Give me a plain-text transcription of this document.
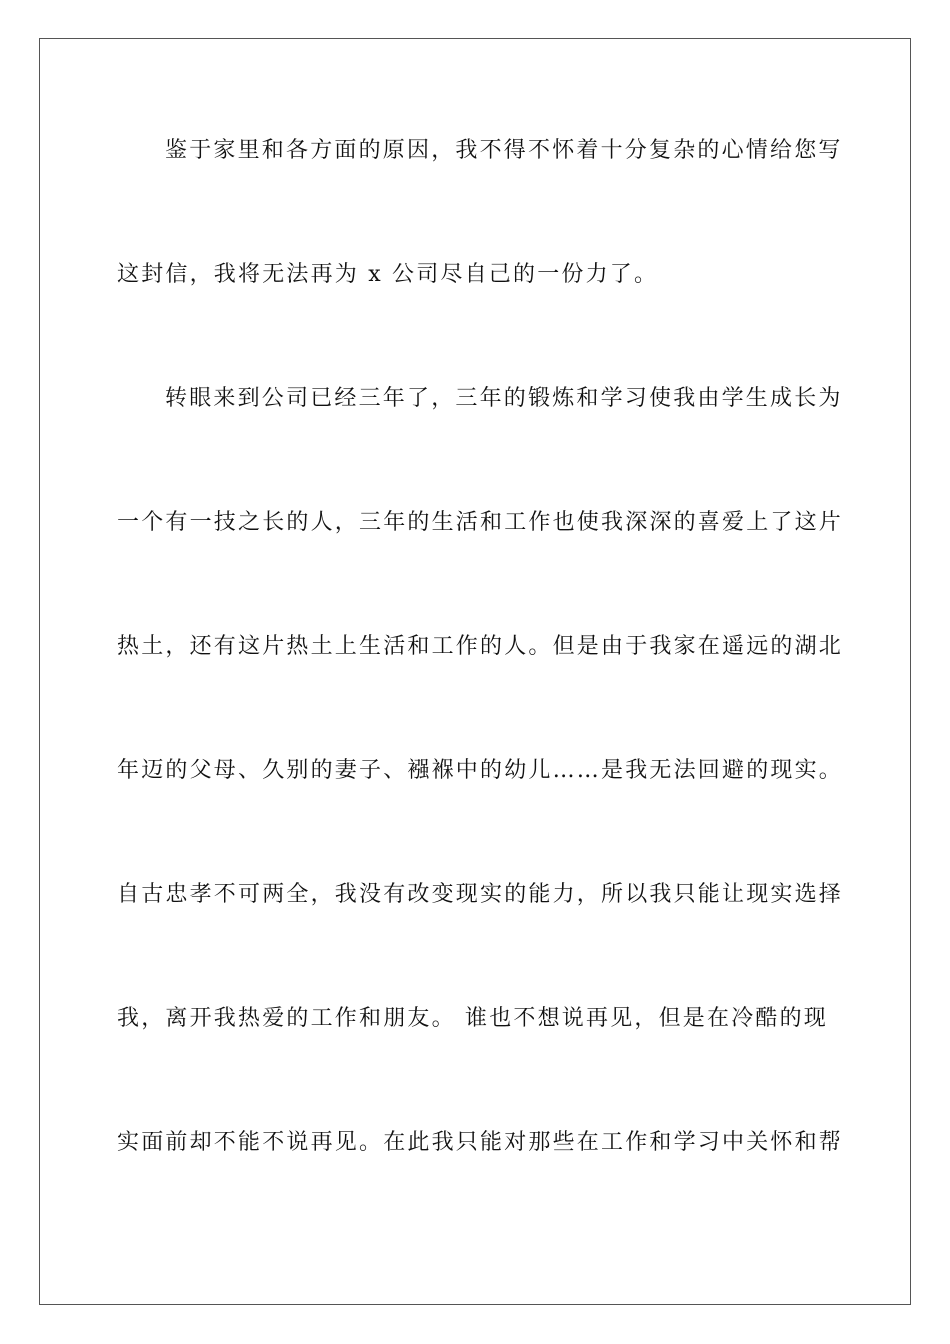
鉴于家里和各方面的原因，我不得不怀着十分复杂的心情给您写
这封信，我将无法再为 x 公司尽自己的一份力了。
转眼来到公司已经三年了，三年的锻炼和学习使我由学生成长为
一个有一技之长的人，三年的生活和工作也使我深深的喜爱上了这片
热土，还有这片热土上生活和工作的人。但是由于我家在遥远的湖北
年迈的父母、久别的妻子、襁褓中的幼儿……是我无法回避的现实。
自古忠孝不可两全，我没有改变现实的能力，所以我只能让现实选择
我，离开我热爱的工作和朋友。 谁也不想说再见，但是在冷酷的现
实面前却不能不说再见。在此我只能对那些在工作和学习中关怀和帮
